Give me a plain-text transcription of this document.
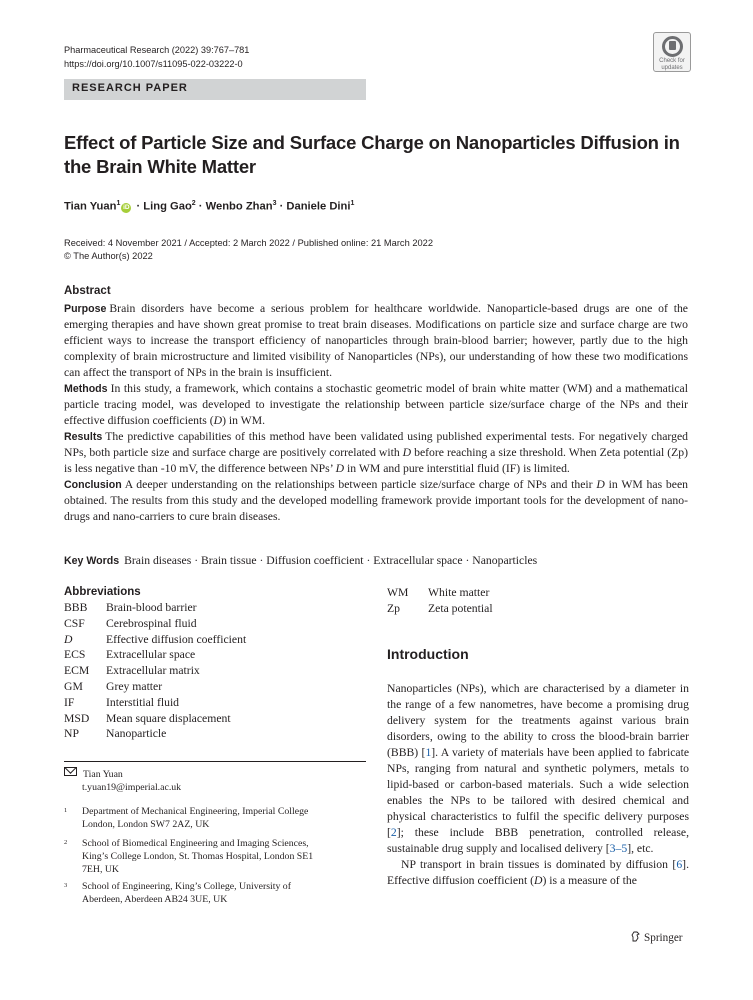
Pharmaceutical Research (2022) 39:767–781
https://doi.org/10.1007/s11095-022-03222-0	Check for
updates
RESEARCH PAPER
Effect of Particle Size and Surface Charge on Nanoparticles Diffusion in the Brain White Matter
Tian Yuan$^1$iD · Ling Gao$^2$ · Wenbo Zhan$^3$ · Daniele Dini$^1$
Received: 4 November 2021 / Accepted: 2 March 2022 / Published online: 21 March 2022
© The Author(s) 2022
Abstract

Purpose Brain disorders have become a serious problem for healthcare worldwide. Nanoparticle-based drugs are one of the emerging therapies and have shown great promise to treat brain diseases. Modifications on particle size and surface charge are two efficient ways to increase the transport efficiency of nanoparticles through brain-blood barrier; however, partly due to the high complexity of brain microstructure and limited visibility of Nanoparticles (NPs), our understanding of how these two modifications can affect the transport of NPs in the brain is insufficient.

Methods In this study, a framework, which contains a stochastic geometric model of brain white matter (WM) and a mathematical particle tracing model, was developed to investigate the relationship between particle size/surface charge of the NPs and their effective diffusion coefficients (D) in WM.

Results The predictive capabilities of this method have been validated using published experimental tests. For negatively charged NPs, both particle size and surface charge are positively correlated with D before reaching a size threshold. When Zeta potential (Zp) is less negative than -10 mV, the difference between NPs’ D in WM and pure interstitial fluid (IF) is limited.

Conclusion A deeper understanding on the relationships between particle size/surface charge of NPs and their D in WM has been obtained. The results from this study and the developed modelling framework provide important tools for the development of nano-drugs and nano-carriers to cure brain diseases.

Key Words Brain diseases · Brain tissue · Diffusion coefficient · Extracellular space · Nanoparticles
Abbreviations
BBB	Brain-blood barrier
CSF	Cerebrospinal fluid
D	Effective diffusion coefficient
ECS	Extracellular space
ECM	Extracellular matrix
GM	Grey matter
IF	Interstitial fluid
MSD	Mean square displacement
NP	Nanoparticle
WM	White matter
Zp	Zeta potential
Tian Yuan
t.yuan19@imperial.ac.uk
1	Department of Mechanical Engineering, Imperial College London, London SW7 2AZ, UK
2	School of Biomedical Engineering and Imaging Sciences, King’s College London, St. Thomas Hospital, London SE1 7EH, UK
3	School of Engineering, King’s College, University of Aberdeen, Aberdeen AB24 3UE, UK
Introduction

Nanoparticles (NPs), which are characterised by a diameter in the range of a few nanometres, have become a promising drug delivery system for the treatments against various brain disorders, owing to the ability to cross the blood-brain barrier (BBB) [1]. A variety of materials have been applied to fabricate NPs, ranging from natural and synthetic polymers, metals to lipid-based or carbon-based materials. Such a wide selection enables the NPs to be tailored with desired chemical and physical characteristics to fulfil the specific delivery purposes [2]; these include BBB penetration, controlled release, sustainable drug supply and localised delivery [3–5], etc.

NP transport in brain tissues is dominated by diffusion [6]. Effective diffusion coefficient (D) is a measure of the

Springer
